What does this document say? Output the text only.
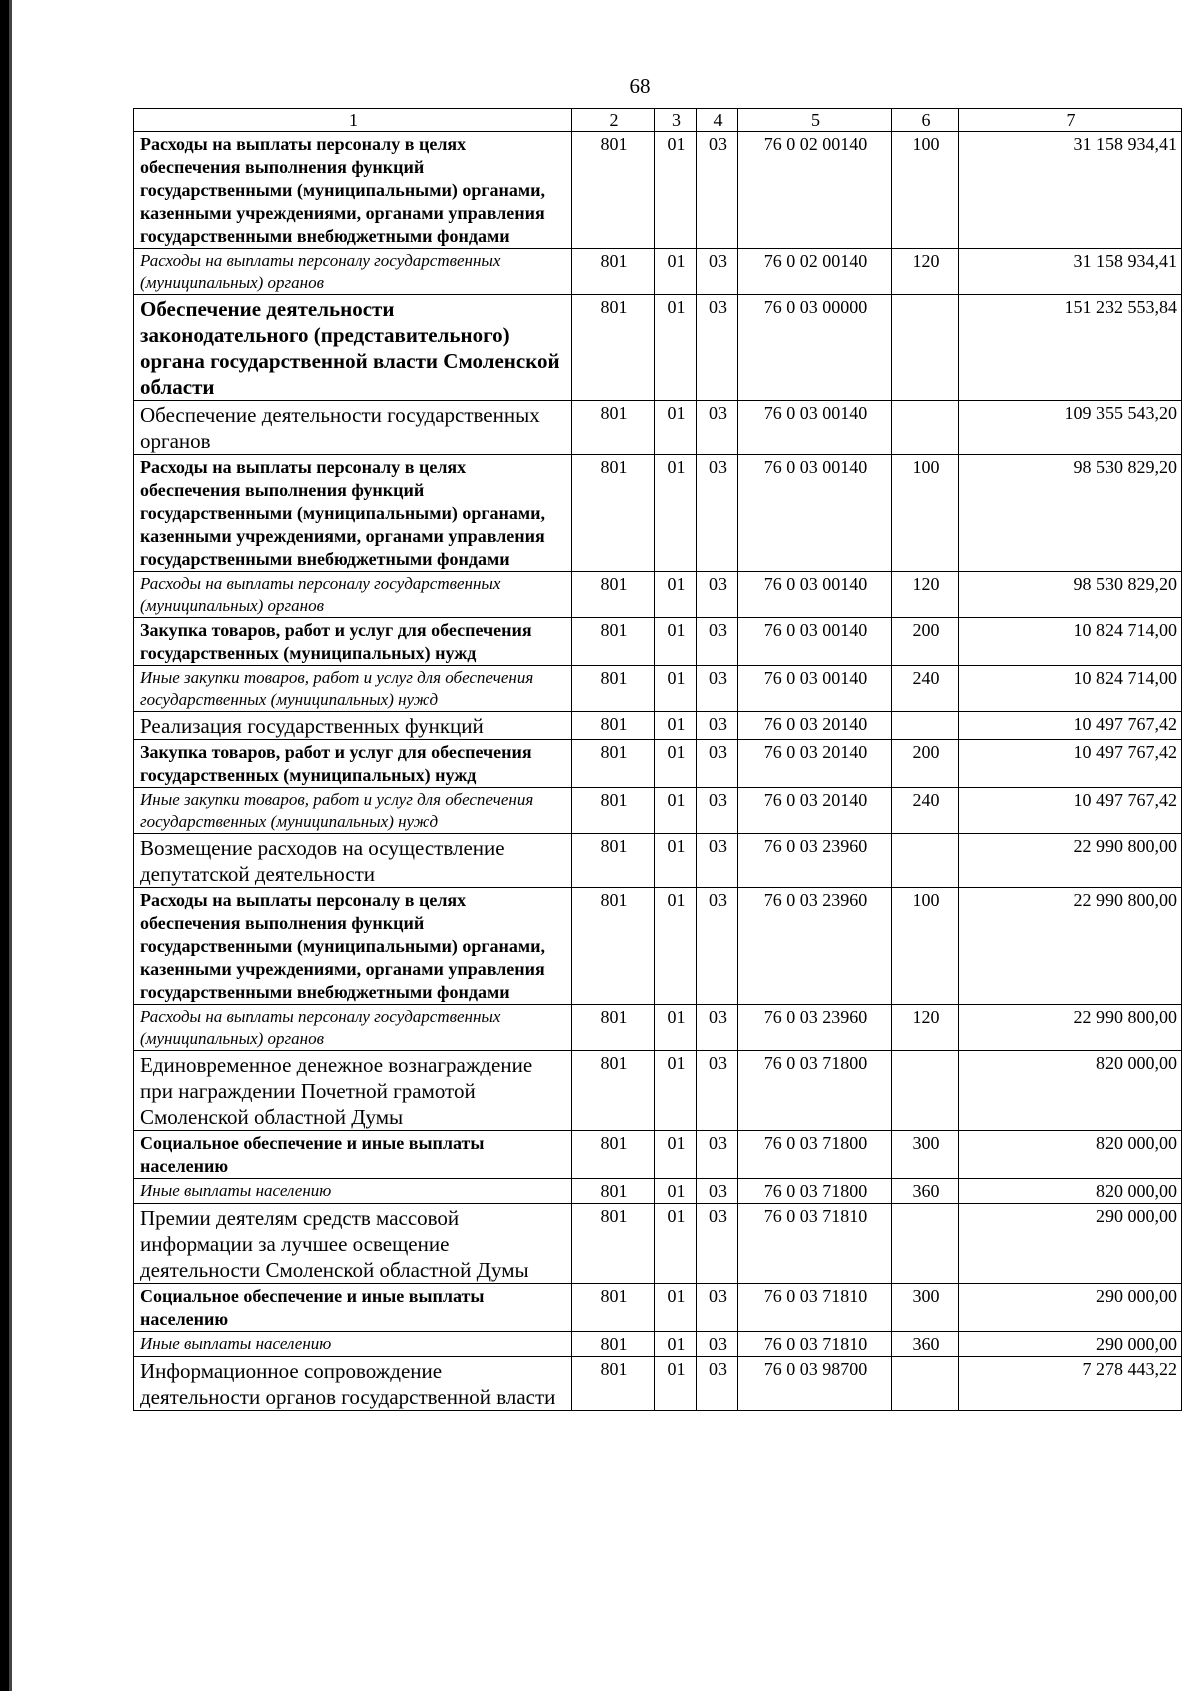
68
1	2	3	4	5	6	7
Расходы на выплаты персоналу в целях обеспечения выполнения функций государственными (муниципальными) органами, казенными учреждениями, органами управления государственными внебюджетными фондами	801	01	03	76 0 02 00140	100	31 158 934,41
Расходы на выплаты персоналу государственных (муниципальных) органов	801	01	03	76 0 02 00140	120	31 158 934,41
Обеспечение деятельности законодательного (представительного) органа государственной власти Смоленской области	801	01	03	76 0 03 00000		151 232 553,84
Обеспечение деятельности государственных органов	801	01	03	76 0 03 00140		109 355 543,20
Расходы на выплаты персоналу в целях обеспечения выполнения функций государственными (муниципальными) органами, казенными учреждениями, органами управления государственными внебюджетными фондами	801	01	03	76 0 03 00140	100	98 530 829,20
Расходы на выплаты персоналу государственных (муниципальных) органов	801	01	03	76 0 03 00140	120	98 530 829,20
Закупка товаров, работ и услуг для обеспечения государственных (муниципальных) нужд	801	01	03	76 0 03 00140	200	10 824 714,00
Иные закупки товаров, работ и услуг для обеспечения государственных (муниципальных) нужд	801	01	03	76 0 03 00140	240	10 824 714,00
Реализация государственных функций	801	01	03	76 0 03 20140		10 497 767,42
Закупка товаров, работ и услуг для обеспечения государственных (муниципальных) нужд	801	01	03	76 0 03 20140	200	10 497 767,42
Иные закупки товаров, работ и услуг для обеспечения государственных (муниципальных) нужд	801	01	03	76 0 03 20140	240	10 497 767,42
Возмещение расходов на осуществление депутатской деятельности	801	01	03	76 0 03 23960		22 990 800,00
Расходы на выплаты персоналу в целях обеспечения выполнения функций государственными (муниципальными) органами, казенными учреждениями, органами управления государственными внебюджетными фондами	801	01	03	76 0 03 23960	100	22 990 800,00
Расходы на выплаты персоналу государственных (муниципальных) органов	801	01	03	76 0 03 23960	120	22 990 800,00
Единовременное денежное вознаграждение при награждении Почетной грамотой Смоленской областной Думы	801	01	03	76 0 03 71800		820 000,00
Социальное обеспечение и иные выплаты населению	801	01	03	76 0 03 71800	300	820 000,00
Иные выплаты населению	801	01	03	76 0 03 71800	360	820 000,00
Премии деятелям средств массовой информации за лучшее освещение деятельности Смоленской областной Думы	801	01	03	76 0 03 71810		290 000,00
Социальное обеспечение и иные выплаты населению	801	01	03	76 0 03 71810	300	290 000,00
Иные выплаты населению	801	01	03	76 0 03 71810	360	290 000,00
Информационное сопровождение деятельности органов государственной власти	801	01	03	76 0 03 98700		7 278 443,22
